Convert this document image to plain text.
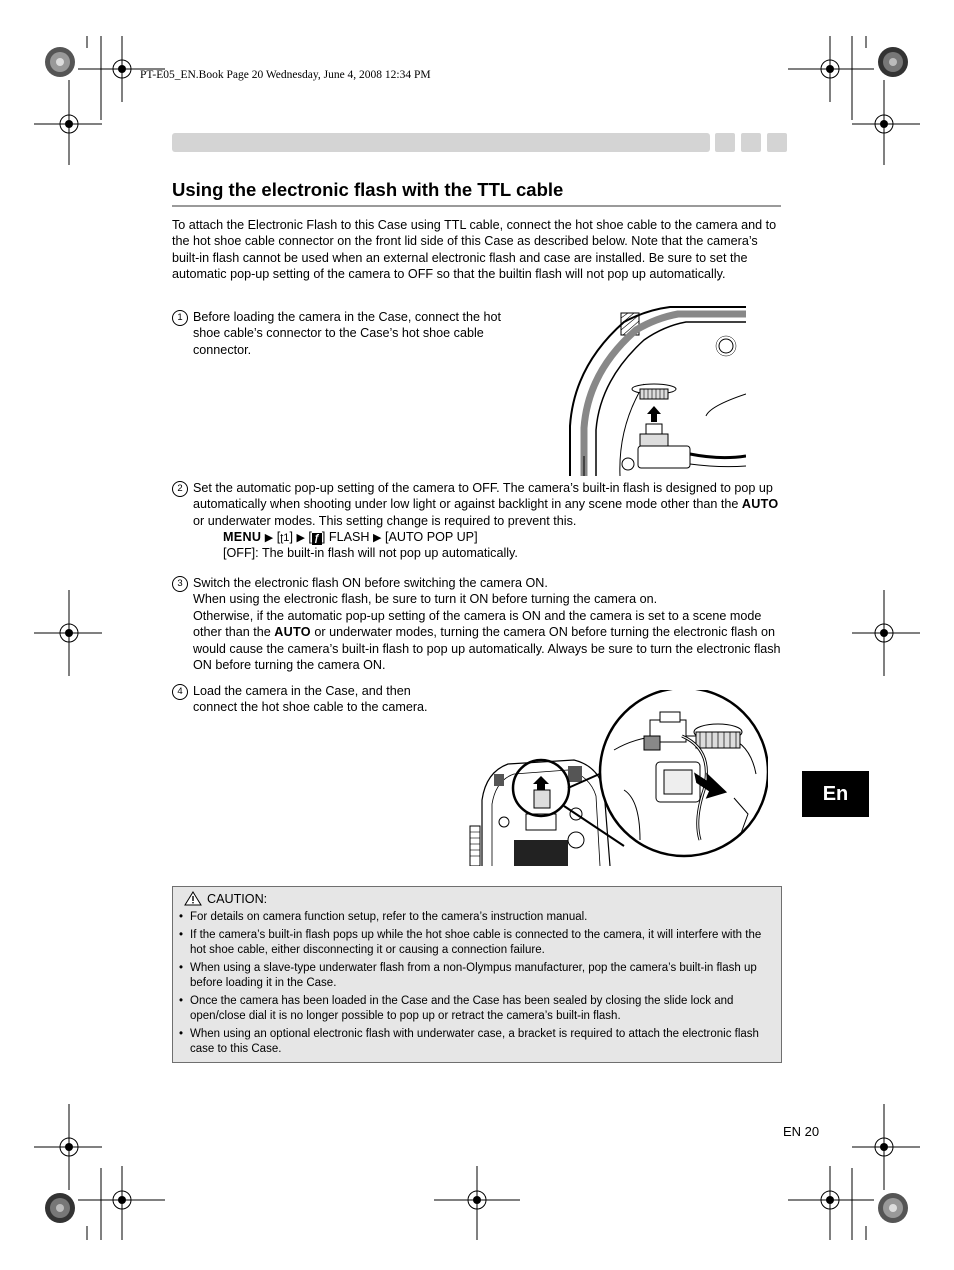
PT-E05_EN.Book Page 20 Wednesday, June 4, 2008 12:34 PM
Using the electronic flash with the TTL cable
To attach the Electronic Flash to this Case using TTL cable, connect the hot shoe cable to the camera and to the hot shoe cable connector on the front lid side of this Case as described below. Note that the camera’s built-in flash cannot be used when an external electronic flash and case are installed. Be sure to set the automatic pop-up setting of the camera to OFF so that the builtin flash will not pop up automatically.
1 Before loading the camera in the Case, connect the hot shoe cable’s connector to the Case’s hot shoe cable connector.
2 Set the automatic pop-up setting of the camera to OFF. The camera’s built-in flash is designed to pop up automatically when shooting under low light or against backlight in any scene mode other than the AUTO or underwater modes. This setting change is required to prevent this.
MENU ▶ [ʈ1] ▶ [ ƒ ] FLASH ▶ [AUTO POP UP]
[OFF]: The built-in flash will not pop up automatically.
3 Switch the electronic flash ON before switching the camera ON.
When using the electronic flash, be sure to turn it ON before turning the camera on.
Otherwise, if the automatic pop-up setting of the camera is ON and the camera is set to a scene mode other than the AUTO or underwater modes, turning the camera ON before turning the electronic flash on would cause the camera’s built-in flash to pop up automatically. Always be sure to turn the electronic flash ON before turning the camera ON.
4 Load the camera in the Case, and then connect the hot shoe cable to the camera.
En
CAUTION:
• For details on camera function setup, refer to the camera’s instruction manual.
• If the camera’s built-in flash pops up while the hot shoe cable is connected to the camera, it will interfere with the hot shoe cable, either disconnecting it or causing a connection failure.
• When using a slave-type underwater flash from a non-Olympus manufacturer, pop the camera’s built-in flash up before loading it in the Case.
• Once the camera has been loaded in the Case and the Case has been sealed by closing the slide lock and open/close dial it is no longer possible to pop up or retract the camera’s built-in flash.
• When using an optional electronic flash with underwater case, a bracket is required to attach the electronic flash case to this Case.
EN 20
